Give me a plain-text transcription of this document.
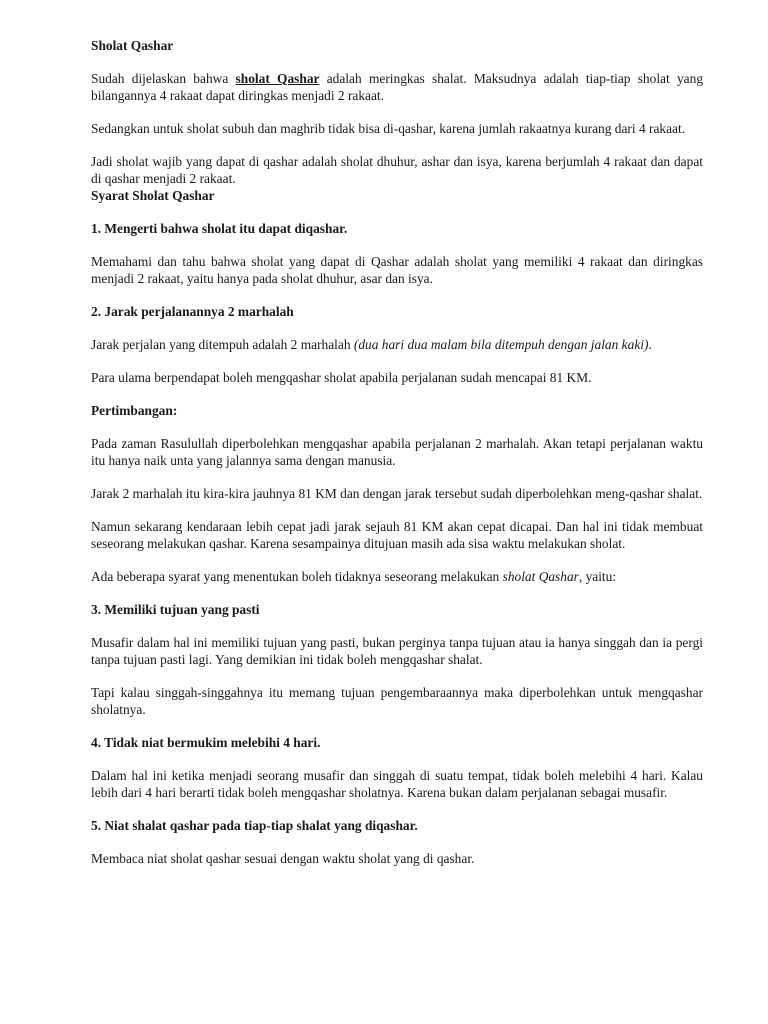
Sholat Qashar

Sudah dijelaskan bahwa sholat Qashar adalah meringkas shalat. Maksudnya adalah tiap-tiap sholat yang bilangannya 4 rakaat dapat diringkas menjadi 2 rakaat.

Sedangkan untuk sholat subuh dan maghrib tidak bisa di-qashar, karena jumlah rakaatnya kurang dari 4 rakaat.

Jadi sholat wajib yang dapat di qashar adalah sholat dhuhur, ashar dan isya, karena berjumlah 4 rakaat dan dapat di qashar menjadi 2 rakaat.

Syarat Sholat Qashar

1. Mengerti bahwa sholat itu dapat diqashar.

Memahami dan tahu bahwa sholat yang dapat di Qashar adalah sholat yang memiliki 4 rakaat dan diringkas menjadi 2 rakaat, yaitu hanya pada sholat dhuhur, asar dan isya.

2. Jarak perjalanannya 2 marhalah

Jarak perjalan yang ditempuh adalah 2 marhalah (dua hari dua malam bila ditempuh dengan jalan kaki).

Para ulama berpendapat boleh mengqashar sholat apabila perjalanan sudah mencapai 81 KM.

Pertimbangan:

Pada zaman Rasulullah diperbolehkan mengqashar apabila perjalanan 2 marhalah. Akan tetapi perjalanan waktu itu hanya naik unta yang jalannya sama dengan manusia.

Jarak 2 marhalah itu kira-kira jauhnya 81 KM dan dengan jarak tersebut sudah diperbolehkan meng-qashar shalat.

Namun sekarang kendaraan lebih cepat jadi jarak sejauh 81 KM akan cepat dicapai. Dan hal ini tidak membuat seseorang melakukan qashar. Karena sesampainya ditujuan masih ada sisa waktu melakukan sholat.

Ada beberapa syarat yang menentukan boleh tidaknya seseorang melakukan sholat Qashar, yaitu:

3. Memiliki tujuan yang pasti

Musafir dalam hal ini memiliki tujuan yang pasti, bukan perginya tanpa tujuan atau ia hanya singgah dan ia pergi tanpa tujuan pasti lagi. Yang demikian ini tidak boleh mengqashar shalat.

Tapi kalau singgah-singgahnya itu memang tujuan pengembaraannya maka diperbolehkan untuk mengqashar sholatnya.

4. Tidak niat bermukim melebihi 4 hari.

Dalam hal ini ketika menjadi seorang musafir dan singgah di suatu tempat, tidak boleh melebihi 4 hari. Kalau lebih dari 4 hari berarti tidak boleh mengqashar sholatnya. Karena bukan dalam perjalanan sebagai musafir.

5. Niat shalat qashar pada tiap-tiap shalat yang diqashar.

Membaca niat sholat qashar sesuai dengan waktu sholat yang di qashar.
